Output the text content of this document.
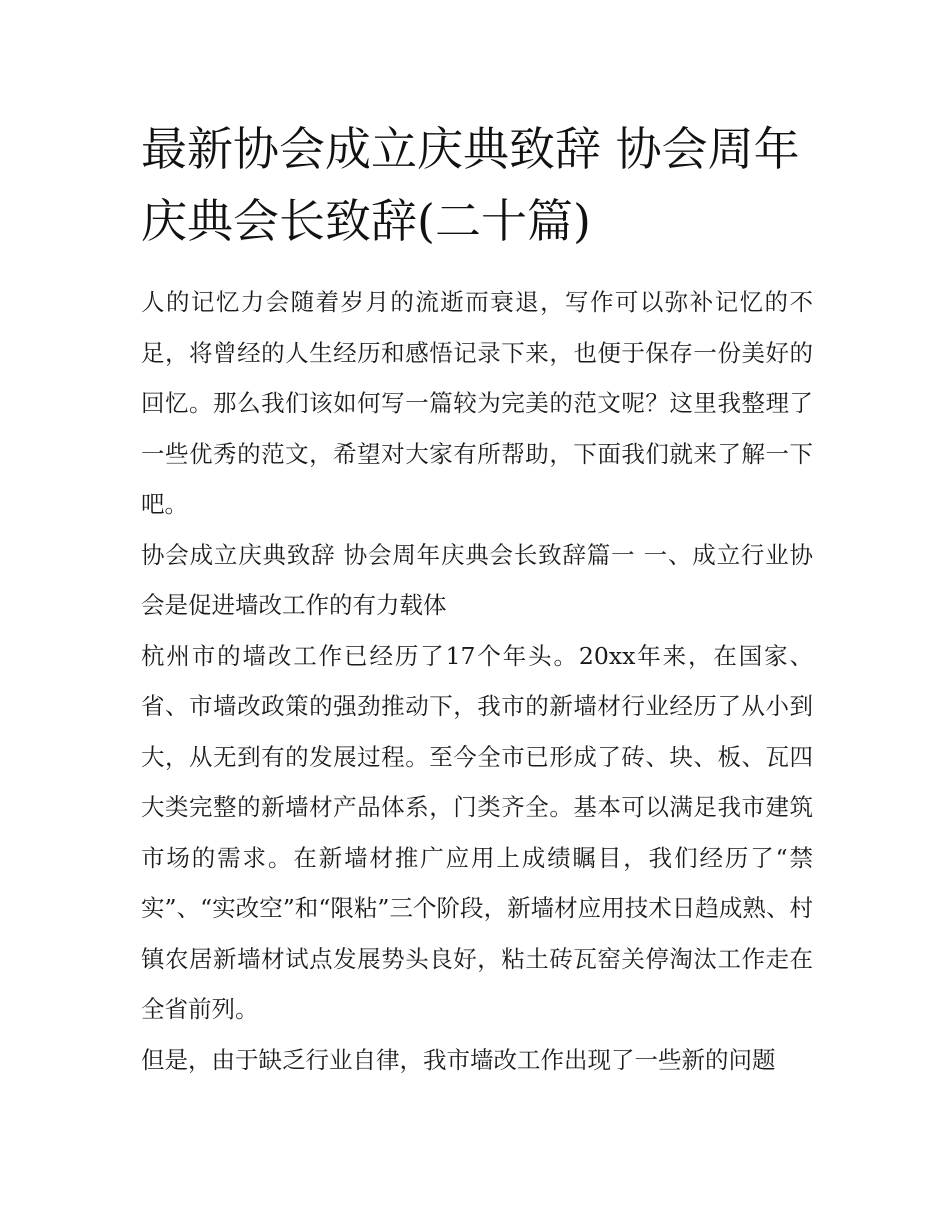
最新协会成立庆典致辞 协会周年庆典会长致辞(二十篇)

人的记忆力会随着岁月的流逝而衰退，写作可以弥补记忆的不足，将曾经的人生经历和感悟记录下来，也便于保存一份美好的回忆。那么我们该如何写一篇较为完美的范文呢？这里我整理了一些优秀的范文，希望对大家有所帮助，下面我们就来了解一下吧。

协会成立庆典致辞 协会周年庆典会长致辞篇一 一、成立行业协会是促进墙改工作的有力载体

杭州市的墙改工作已经历了17个年头。20xx年来，在国家、省、市墙改政策的强劲推动下，我市的新墙材行业经历了从小到大，从无到有的发展过程。至今全市已形成了砖、块、板、瓦四大类完整的新墙材产品体系，门类齐全。基本可以满足我市建筑市场的需求。在新墙材推广应用上成绩瞩目，我们经历了“禁实”、“实改空”和“限粘”三个阶段，新墙材应用技术日趋成熟、村镇农居新墙材试点发展势头良好，粘土砖瓦窑关停淘汰工作走在全省前列。

但是，由于缺乏行业自律，我市墙改工作出现了一些新的问题
